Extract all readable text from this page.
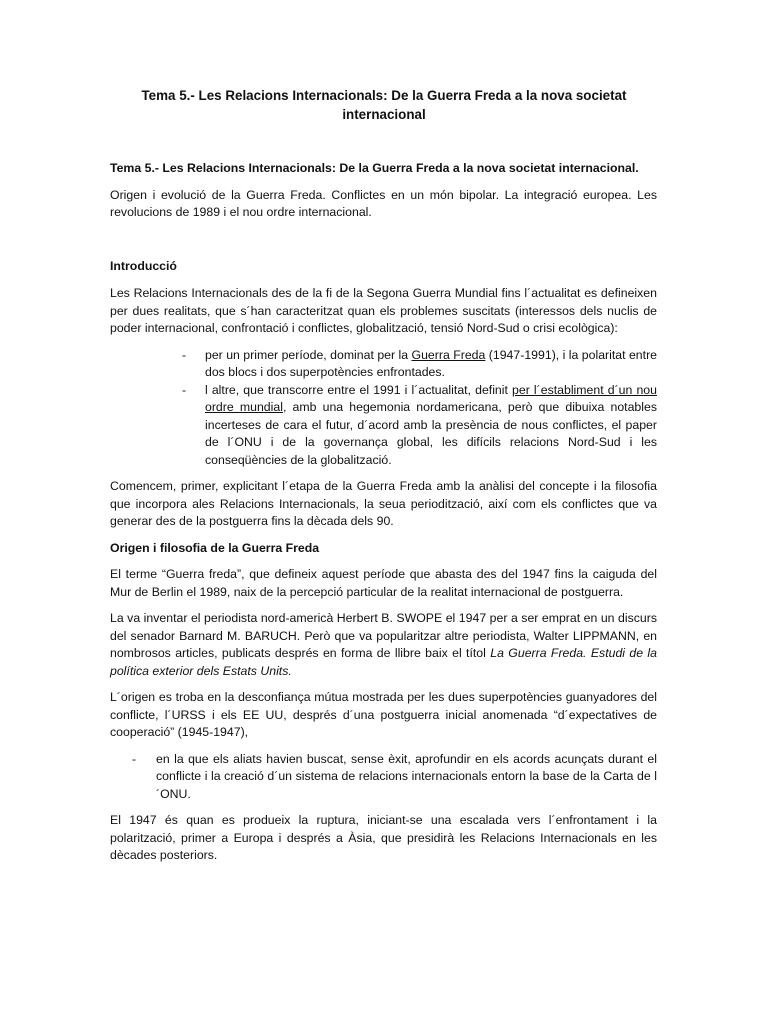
Tema 5.- Les Relacions Internacionals: De la Guerra Freda a la nova societat internacional

Tema 5.- Les Relacions Internacionals: De la Guerra Freda a la nova societat internacional.

Origen i evolució de la Guerra Freda. Conflictes en un món bipolar. La integració europea. Les revolucions de 1989 i el nou ordre internacional.

Introducció

Les Relacions Internacionals des de la fi de la Segona Guerra Mundial fins l´actualitat es defineixen per dues realitats, que s´han caracteritzat quan els problemes suscitats (interessos dels nuclis de poder internacional, confrontació i conflictes, globalització, tensió Nord-Sud o crisi ecològica):

- per un primer període, dominat per la Guerra Freda (1947-1991), i la polaritat entre dos blocs i dos superpotències enfrontades.
- l altre, que transcorre entre el 1991 i l´actualitat, definit per l´establiment d´un nou ordre mundial, amb una hegemonia nordamericana, però que dibuixa notables incerteses de cara el futur, d´acord amb la presència de nous conflictes, el paper de l´ONU i de la governança global, les difícils relacions Nord-Sud i les conseqüències de la globalització.

Comencem, primer, explicitant l´etapa de la Guerra Freda amb la anàlisi del concepte i la filosofia que incorpora ales Relacions Internacionals, la seua periodització, així com els conflictes que va generar des de la postguerra fins la dècada dels 90.

Origen i filosofia de la Guerra Freda

El terme “Guerra freda”, que defineix aquest període que abasta des del 1947 fins la caiguda del Mur de Berlin el 1989, naix de la percepció particular de la realitat internacional de postguerra.

La va inventar el periodista nord-americà Herbert B. SWOPE el 1947 per a ser emprat en un discurs del senador Barnard M. BARUCH. Però que va popularitzar altre periodista, Walter LIPPMANN, en nombrosos articles, publicats després en forma de llibre baix el títol La Guerra Freda. Estudi de la política exterior dels Estats Units.

L´origen es troba en la desconfiança mútua mostrada per les dues superpotències guanyadores del conflicte, l´URSS i els EE UU, després d´una postguerra inicial anomenada “d´expectatives de cooperació” (1945-1947),

- en la que els aliats havien buscat, sense èxit, aprofundir en els acords acunçats durant el conflicte i la creació d´un sistema de relacions internacionals entorn la base de la Carta de l´ONU.

El 1947 és quan es produeix la ruptura, iniciant-se una escalada vers l´enfrontament i la polarització, primer a Europa i després a Àsia, que presidirà les Relacions Internacionals en les dècades posteriors.
